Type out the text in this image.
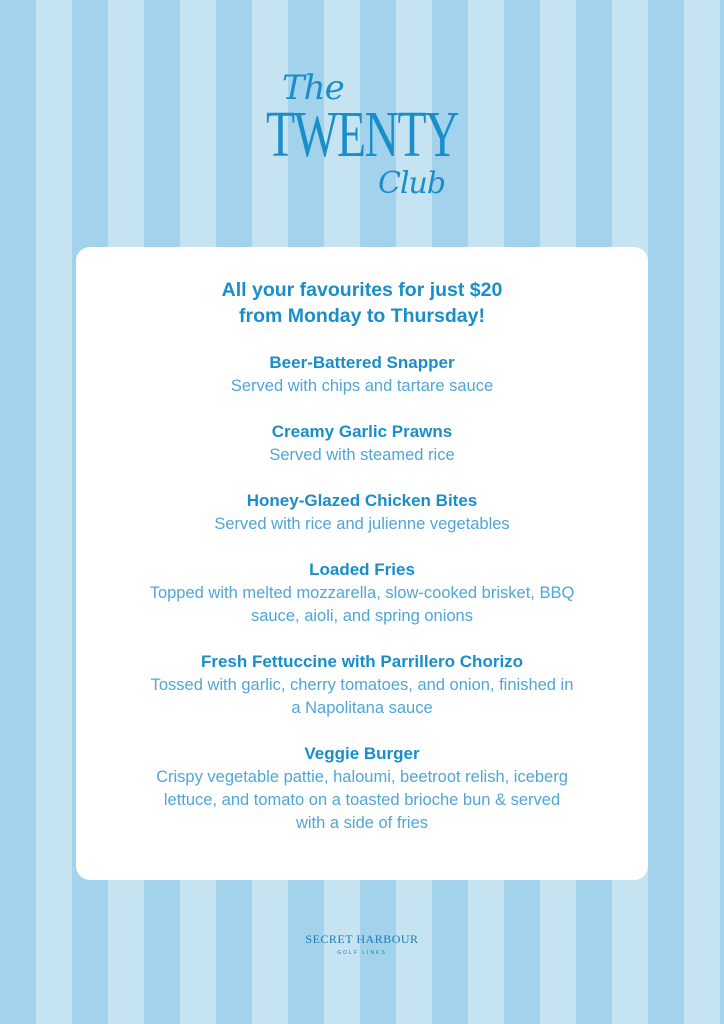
The
TWENTY
Club
All your favourites for just $20
from Monday to Thursday!
Beer-Battered Snapper
Served with chips and tartare sauce
Creamy Garlic Prawns
Served with steamed rice
Honey-Glazed Chicken Bites
Served with rice and julienne vegetables
Loaded Fries
Topped with melted mozzarella, slow-cooked brisket, BBQ
sauce, aioli, and spring onions
Fresh Fettuccine with Parrillero Chorizo
Tossed with garlic, cherry tomatoes, and onion, finished in
a Napolitana sauce
Veggie Burger
Crispy vegetable pattie, haloumi, beetroot relish, iceberg
lettuce, and tomato on a toasted brioche bun & served
with a side of fries
SECRET HARBOUR
GOLF LINKS
